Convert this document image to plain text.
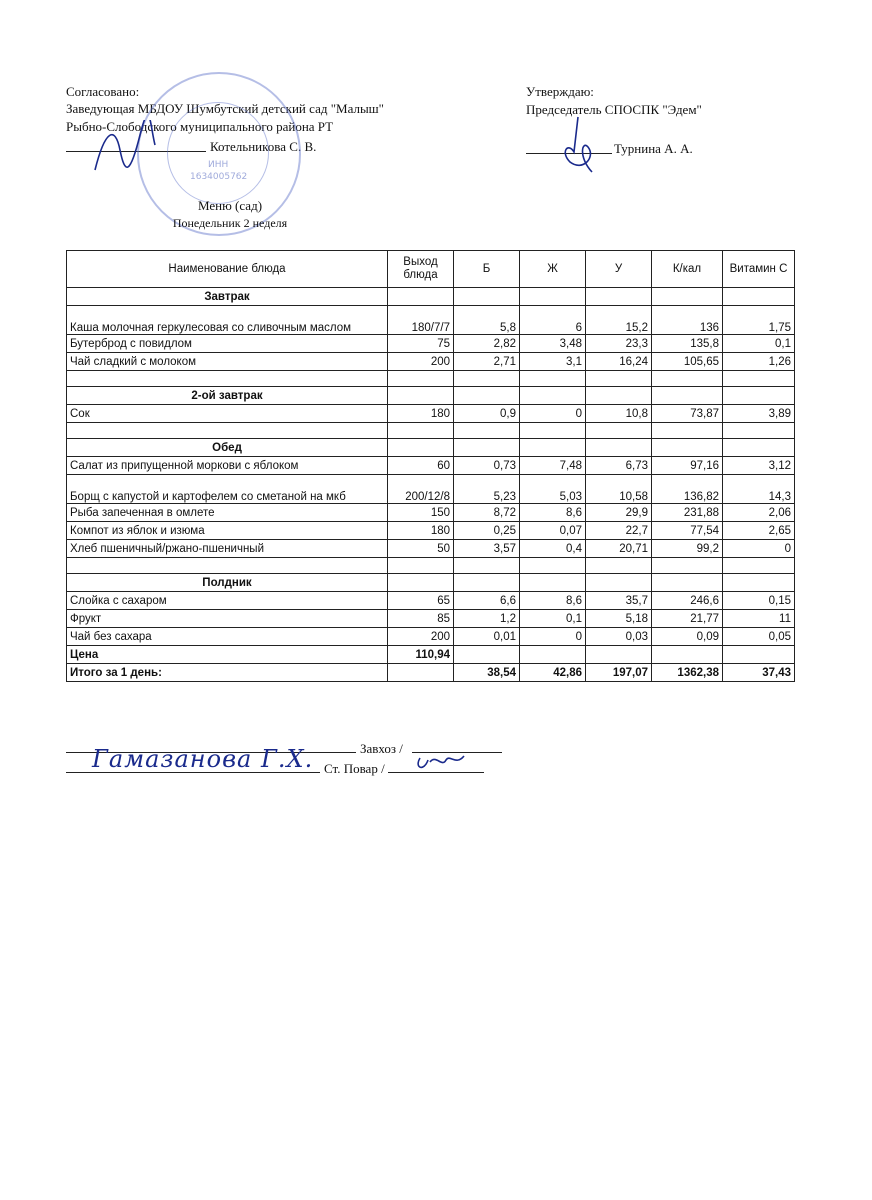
Согласовано:
Заведующая МБДОУ Шумбутский детский сад "Малыш"
Рыбно-Слободского муниципального района РТ
Котельникова С. В.
Утверждаю:
Председатель СПОСПК "Эдем"
Турнина А. А.
ИНН
1634005762
Меню (сад)
Понедельник 2 неделя
Наименование блюда	Выход блюда	Б	Ж	У	К/кал	Витамин С
Завтрак						
Каша молочная геркулесовая со сливочным маслом	180/7/7	5,8	6	15,2	136	1,75
Бутерброд с повидлом	75	2,82	3,48	23,3	135,8	0,1
Чай сладкий с молоком	200	2,71	3,1	16,24	105,65	1,26

2-ой завтрак						
Сок	180	0,9	0	10,8	73,87	3,89

Обед						
Салат из припущенной моркови с яблоком	60	0,73	7,48	6,73	97,16	3,12
Борщ с капустой и картофелем со сметаной на мкб	200/12/8	5,23	5,03	10,58	136,82	14,3
Рыба запеченная в омлете	150	8,72	8,6	29,9	231,88	2,06
Компот из яблок и изюма	180	0,25	0,07	22,7	77,54	2,65
Хлеб пшеничный/ржано-пшеничный	50	3,57	0,4	20,71	99,2	0

Полдник						
Слойка с сахаром	65	6,6	8,6	35,7	246,6	0,15
Фрукт	85	1,2	0,1	5,18	21,77	11
Чай без сахара	200	0,01	0	0,03	0,09	0,05
Цена	110,94					
Итого за 1 день:		38,54	42,86	197,07	1362,38	37,43
Завхоз /
Гамазанова Г.Х. Ст. Повар /
